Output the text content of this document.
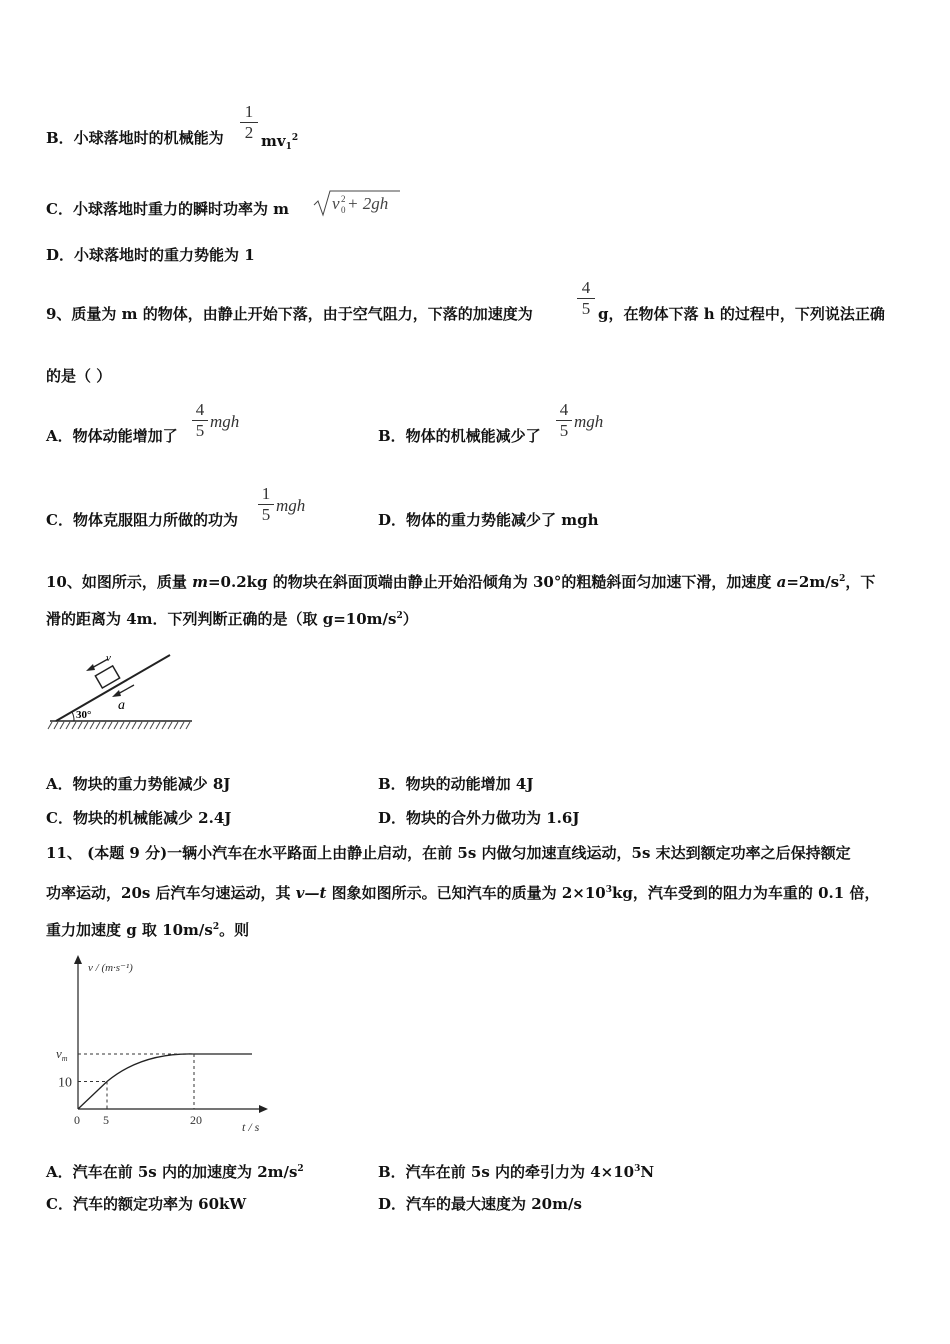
B．小球落地时的机械能为
1
2 $mv_1^2$
C．小球落地时重力的瞬时功率为 m	v 2
0 + 2gh
D．小球落地时的重力势能为 1
9、质量为 m 的物体，由静止开始下落，由于空气阻力，下落的加速度为
4
5 g，在物体下落 h 的过程中，下列说法正确
的是（ ）
A．物体动能增加了
4
5 mgh
B．物体的机械能减少了
4
5 mgh
C．物体克服阻力所做的功为
1
5 mgh
D．物体的重力势能减少了 mgh
10、如图所示，质量 m=0.2kg 的物块在斜面顶端由静止开始沿倾角为 30°的粗糙斜面匀加速下滑，加速度 $a=2m/s^2$，下
滑的距离为 4m．下列判断正确的是（取 $g=10m/s^2$）
30°
v
a
A．物块的重力势能减少 8J	B．物块的动能增加 4J
C．物块的机械能减少 2.4J	D．物块的合外力做功为 1.6J
11、 (本题 9 分)一辆小汽车在水平路面上由静止启动，在前 5s 内做匀加速直线运动，5s 末达到额定功率之后保持额定
功率运动，20s 后汽车匀速运动，其 v—t 图象如图所示。已知汽车的质量为 $2\times 10^3kg$，汽车受到的阻力为车重的 0.1 倍，
重力加速度 g 取 $10m/s^2$。则
v / (m·s⁻¹)
t / s
0 5	20
10
$v_m$
A．汽车在前 5s 内的加速度为 $2m/s^2$	B．汽车在前 5s 内的牵引力为 $4\times 10^3N$
C．汽车的额定功率为 60kW	D．汽车的最大速度为 20m/s
